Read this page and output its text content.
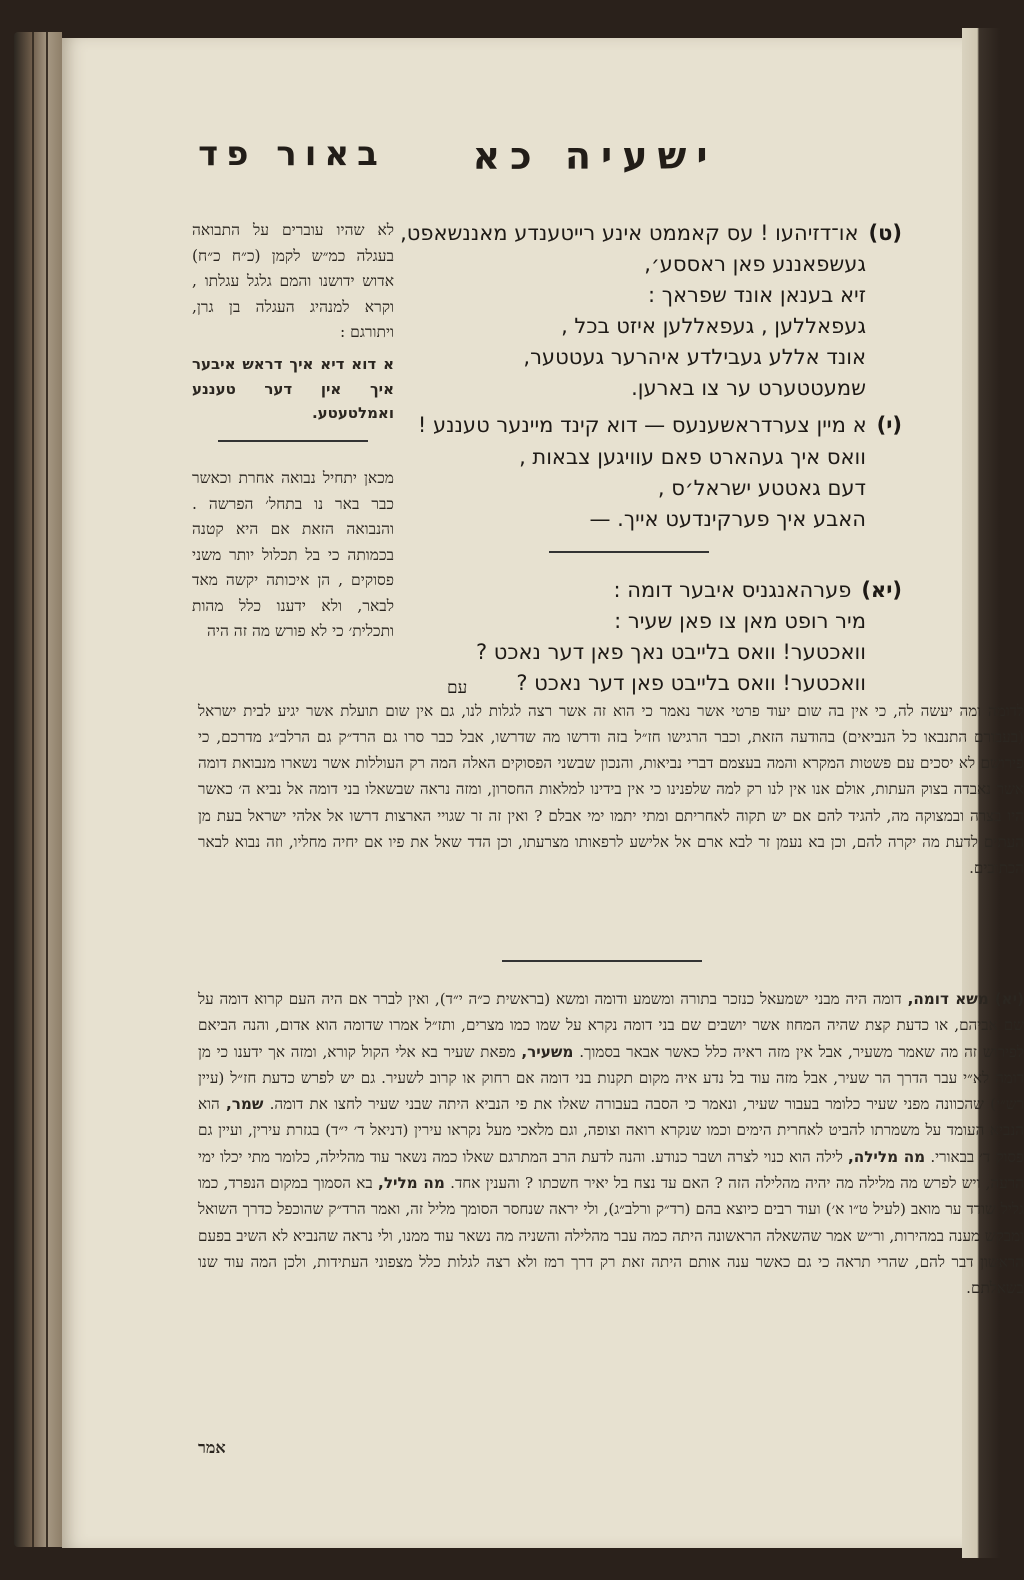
ישעיה כא
באור פד
(ט)או־דזיהעו ! עס קאממט אינע רייטענדע מאננשאפט,
געשפאננע פאן ראססע׳,
זיא בענאן אונד שפראך :
געפאללען , געפאללען איזט בכל ,
אונד אללע געבילדע איהרער געטטער,
שמעטטערט ער צו בארען.
(י)א מיין צערדראשענעס — דוא קינד מיינער טעננע !
וואס איך געהארט פאם עוויגען צבאות ,
דעם גאטטע ישראל׳ס ,
האבע איך פערקינדעט אייך. —
(יא)פערהאנגניס איבער דומה :
מיר רופט מאן צו פאן שעיר :
וואכטער! וואס בלייבט נאך פאן דער נאכט ?
וואכטער! וואס בלייבט פאן דער נאכט ?
לא שהיו עוברים על התבואה בעגלה כמ״ש לקמן (כ״ח כ״ח) אדוש ידושנו והמם גלגל עגלתו , וקרא למנהיג העגלה בן גרן, ויתורגם :
א דוא דיא איך דראש איבער איך אין דער טעננע ואמלטעטע.
מכאן יתחיל נבואה אחרת וכאשר כבר באר נו בתחל׳ הפרשה . והנבואה הזאת אם היא קטנה בכמותה כי בל תכלול יותר משני פסוקים , הן איכותה יקשה מאד לבאר, ולא ידענו כלל מהות ותכלית׳ כי לא פורש מה זה היה
עם
לדומה ומה יעשה לה, כי אין בה שום יעוד פרטי אשר נאמר כי הוא זה אשר רצה לגלות לנו, גם אין שום תועלת אשר יגיע לבית ישראל (בעבורם התנבאו כל הנביאים) בהודעה הזאת, וכבר הרגישו חז״ל בזה ודרשו מה שדרשו, אבל כבר סרו גם הרד״ק גם הרלב״ג מדרכם, כי פירושם לא יסכים עם פשטות המקרא והמה בעצמם דברי נביאות, והנכון שבשני הפסוקים האלה המה רק העוללות אשר נשארו מנבואת דומה אשר נאבדה בצוק העתות, אולם אנו אין לנו רק למה שלפנינו כי אין בידינו למלאות החסרון, ומזה נראה שבשאלו בני דומה אל נביא ה׳ כאשר היו בצרה ובמצוקה מה, להגיד להם אם יש תקוה לאחריתם ומתי יתמו ימי אבלם ? ואין זה זר שגויי הארצות דרשו אל אלהי ישראל בעת מן העתים לדעת מה יקרה להם, וכן בא נעמן זר לבא ארם אל אלישע לרפאותו מצרעתו, וכן הדד שאל את פיו אם יחיה מחליו, וזה נבוא לבאר הכתובים.
(יא) משא דומה, דומה היה מבני ישמעאל כנזכר בתורה ומשמע ודומה ומשא (בראשית כ״ה י״ד), ואין לברר אם היה העם קרוא דומה על שם אביהם, או כדעת קצת שהיה המחוז אשר יושבים שם בני דומה נקרא על שמו כמו מצרים, ותז״ל אמרו שדומה הוא אדום, והנה הביאם לפירוש זה מה שאמר משעיר, אבל אין מזה ראיה כלל כאשר אבאר בסמוך. משעיר, מפאת שעיר בא אלי הקול קורא, ומזה אך ידענו כי מן דומה לא״י עבר הדרך הר שעיר, אבל מזה עוד בל נדע איה מקום תקנות בני דומה אם רחוק או קרוב לשעיר. גם יש לפרש כדעת חז״ל (עיין רש״י) שהכוונה מפני שעיר כלומר בעבור שעיר, ונאמר כי הסבה בעבורה שאלו את פי הנביא היתה שבני שעיר לחצו את דומה. שמר, הוא הנביא העומד על משמרתו להביט לאחרית הימים וכמו שנקרא רואה וצופה, וגם מלאכי מעל נקראו עירין (דניאל ד׳ י״ד) בגזרת עירין, ועיין גם פסוק ד׳ בבאורי. מה מלילה, לילה הוא כנוי לצרה ושבר כנודע. והנה לדעת הרב המתרגם שאלו כמה נשאר עוד מהלילה, כלומר מתי יכלו ימי הרעה, ויש לפרש מה מלילה מה יהיה מהלילה הזה ? האם עד נצח בל יאיר חשכתו ? והענין אחד. מה מליל, בא הסמוך במקום הנפרד, כמו גליל שודד ער מואב (לעיל ט״ו א׳) ועוד רבים כיוצא בהם (רד״ק ורלב״ג), ולי יראה שנחסר הסומך מליל זה, ואמר הרד״ק שהוכפל כדרך השואל ומבקש מענה במהירות, ור״ש אמר שהשאלה הראשונה היתה כמה עבר מהלילה והשניה מה נשאר עוד ממנו, ולי נראה שהנביא לא השיב בפעם הראשון דבר להם, שהרי תראה כי גם כאשר ענה אותם היתה זאת רק דרך רמז ולא רצה לגלות כלל מצפוני העתידות, ולכן המה עוד שנו בשאלתם.
אמר
